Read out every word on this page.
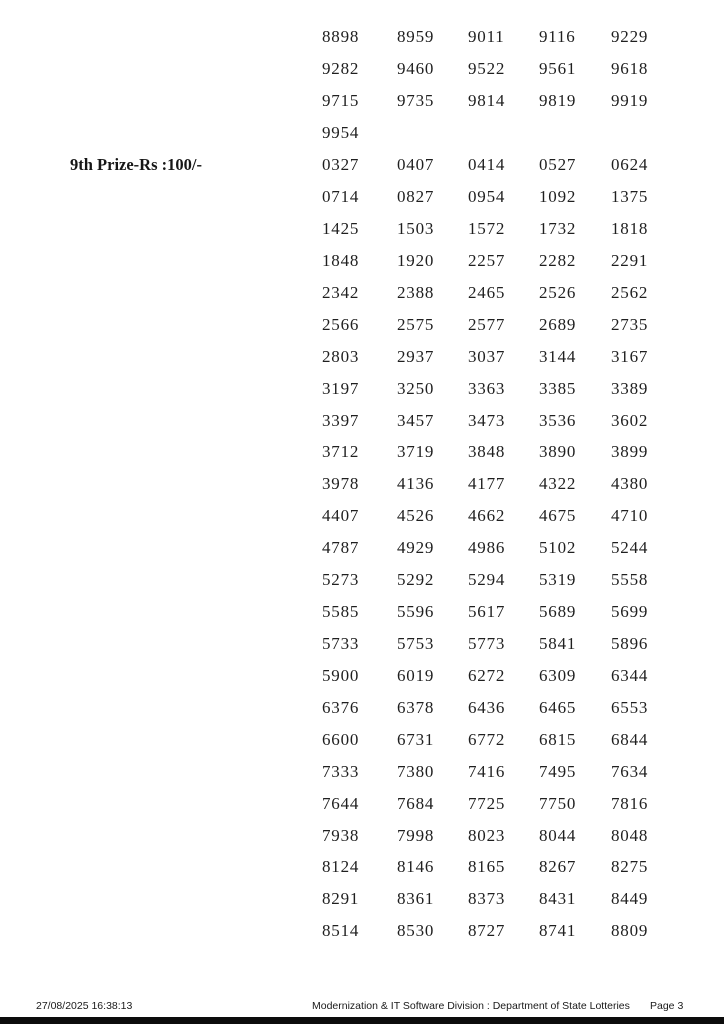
9th Prize-Rs :100/-
8898 8959 9011 9116 9229
9282 9460 9522 9561 9618
9715 9735 9814 9819 9919
9954
0327 0407 0414 0527 0624
0714 0827 0954 1092 1375
1425 1503 1572 1732 1818
1848 1920 2257 2282 2291
2342 2388 2465 2526 2562
2566 2575 2577 2689 2735
2803 2937 3037 3144 3167
3197 3250 3363 3385 3389
3397 3457 3473 3536 3602
3712 3719 3848 3890 3899
3978 4136 4177 4322 4380
4407 4526 4662 4675 4710
4787 4929 4986 5102 5244
5273 5292 5294 5319 5558
5585 5596 5617 5689 5699
5733 5753 5773 5841 5896
5900 6019 6272 6309 6344
6376 6378 6436 6465 6553
6600 6731 6772 6815 6844
7333 7380 7416 7495 7634
7644 7684 7725 7750 7816
7938 7998 8023 8044 8048
8124 8146 8165 8267 8275
8291 8361 8373 8431 8449
8514 8530 8727 8741 8809
27/08/2025 16:38:13	Modernization & IT Software Division : Department of State Lotteries Page 3
